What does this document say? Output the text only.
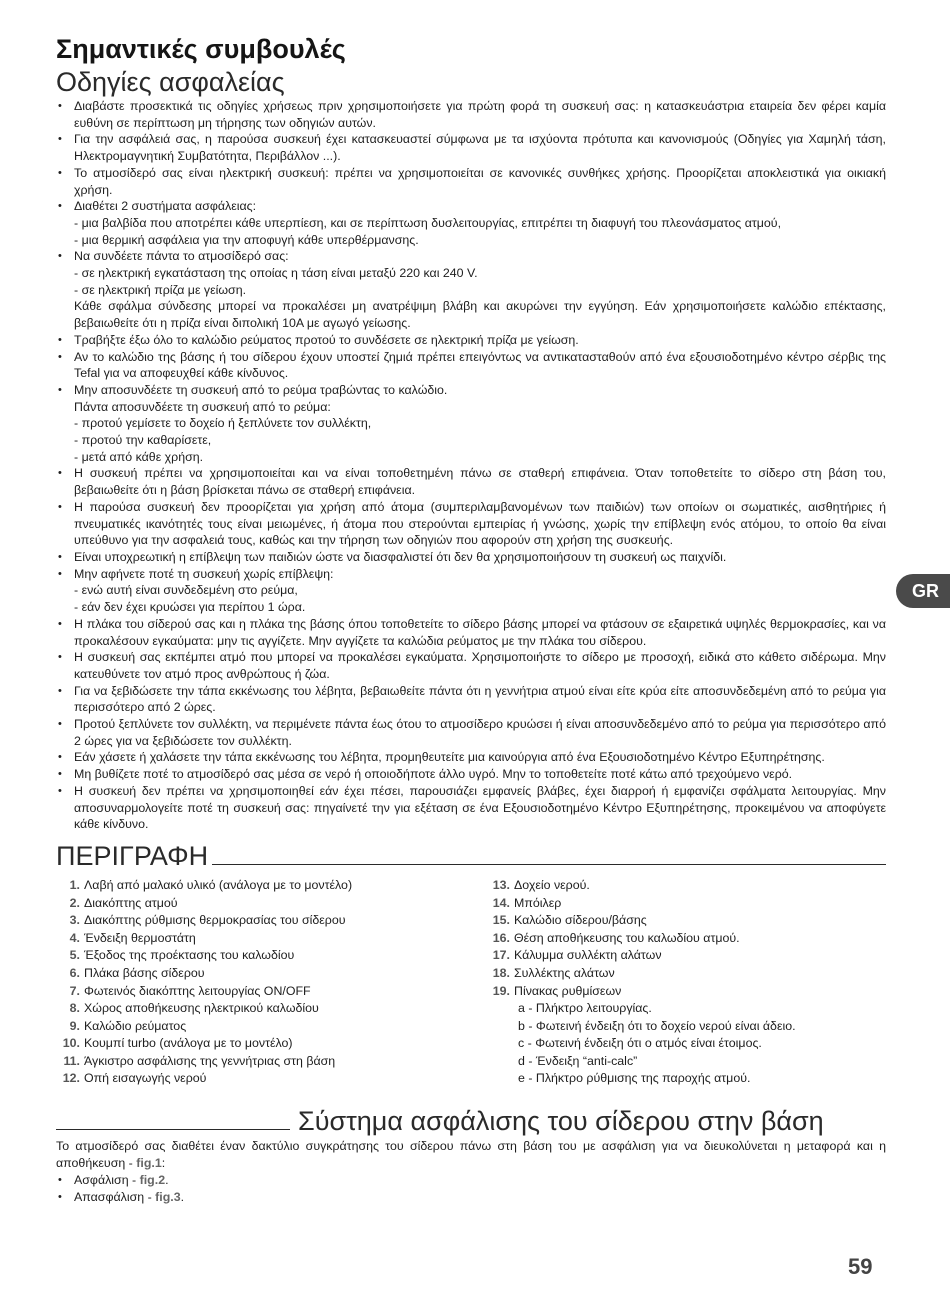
Σημαντικές συμβουλές
Οδηγίες ασφαλείας
• Διαβάστε προσεκτικά τις οδηγίες χρήσεως πριν χρησιμοποιήσετε για πρώτη φορά τη συσκευή σας: η κατασκευάστρια εταιρεία δεν φέρει καμία ευθύνη σε περίπτωση μη τήρησης των οδηγιών αυτών.
• Για την ασφάλειά σας, η παρούσα συσκευή έχει κατασκευαστεί σύμφωνα με τα ισχύοντα πρότυπα και κανονισμούς (Οδηγίες για Χαμηλή τάση, Ηλεκτρομαγνητική Συμβατότητα, Περιβάλλον ...).
• Το ατμοσίδερό σας είναι ηλεκτρική συσκευή: πρέπει να χρησιμοποιείται σε κανονικές συνθήκες χρήσης. Προορίζεται αποκλειστικά για οικιακή χρήση.
• Διαθέτει 2 συστήματα ασφάλειας:
- μια βαλβίδα που αποτρέπει κάθε υπερπίεση, και σε περίπτωση δυσλειτουργίας, επιτρέπει τη διαφυγή του πλεονάσματος ατμού,
- μια θερμική ασφάλεια για την αποφυγή κάθε υπερθέρμανσης.
• Να συνδέετε πάντα το ατμοσίδερό σας:
- σε ηλεκτρική εγκατάσταση της οποίας η τάση είναι μεταξύ 220 και 240 V.
- σε ηλεκτρική πρίζα με γείωση.
Κάθε σφάλμα σύνδεσης μπορεί να προκαλέσει μη ανατρέψιμη βλάβη και ακυρώνει την εγγύηση. Εάν χρησιμοποιήσετε καλώδιο επέκτασης, βεβαιωθείτε ότι η πρίζα είναι διπολική 10A με αγωγό γείωσης.
• Τραβήξτε έξω όλο το καλώδιο ρεύματος προτού το συνδέσετε σε ηλεκτρική πρίζα με γείωση.
• Αν το καλώδιο της βάσης ή του σίδερου έχουν υποστεί ζημιά πρέπει επειγόντως να αντικατασταθούν από ένα εξουσιοδοτημένο κέντρο σέρβις της Tefal για να αποφευχθεί κάθε κίνδυνος.
• Μην αποσυνδέετε τη συσκευή από το ρεύμα τραβώντας το καλώδιο.
Πάντα αποσυνδέετε τη συσκευή από το ρεύμα:
- προτού γεμίσετε το δοχείο ή ξεπλύνετε τον συλλέκτη,
- προτού την καθαρίσετε,
- μετά από κάθε χρήση.
• Η συσκευή πρέπει να χρησιμοποιείται και να είναι τοποθετημένη πάνω σε σταθερή επιφάνεια. Όταν τοποθετείτε το σίδερο στη βάση του, βεβαιωθείτε ότι η βάση βρίσκεται πάνω σε σταθερή επιφάνεια.
• Η παρούσα συσκευή δεν προορίζεται για χρήση από άτομα (συμπεριλαμβανομένων των παιδιών) των οποίων οι σωματικές, αισθητήριες ή πνευματικές ικανότητές τους είναι μειωμένες, ή άτομα που στερούνται εμπειρίας ή γνώσης, χωρίς την επίβλεψη ενός ατόμου, το οποίο θα είναι υπεύθυνο για την ασφαλειά τους, καθώς και την τήρηση των οδηγιών που αφορούν στη χρήση της συσκευής.
• Είναι υποχρεωτική η επίβλεψη των παιδιών ώστε να διασφαλιστεί ότι δεν θα χρησιμοποιήσουν τη συσκευή ως παιχνίδι.
• Μην αφήνετε ποτέ τη συσκευή χωρίς επίβλεψη:
- ενώ αυτή είναι συνδεδεμένη στο ρεύμα,
- εάν δεν έχει κρυώσει για περίπου 1 ώρα.
• Η πλάκα του σίδερού σας και η πλάκα της βάσης όπου τοποθετείτε το σίδερο βάσης μπορεί να φτάσουν σε εξαιρετικά υψηλές θερμοκρασίες, και να προκαλέσουν εγκαύματα: μην τις αγγίζετε. Μην αγγίζετε τα καλώδια ρεύματος με την πλάκα του σίδερου.
• Η συσκευή σας εκπέμπει ατμό που μπορεί να προκαλέσει εγκαύματα. Χρησιμοποιήστε το σίδερο με προσοχή, ειδικά στο κάθετο σιδέρωμα. Μην κατευθύνετε τον ατμό προς ανθρώπους ή ζώα.
• Για να ξεβιδώσετε την τάπα εκκένωσης του λέβητα, βεβαιωθείτε πάντα ότι η γεννήτρια ατμού είναι είτε κρύα είτε αποσυνδεδεμένη από το ρεύμα για περισσότερο από 2 ώρες.
• Προτού ξεπλύνετε τον συλλέκτη, να περιμένετε πάντα έως ότου το ατμοσίδερο κρυώσει ή είναι αποσυνδεδεμένο από το ρεύμα για περισσότερο από 2 ώρες για να ξεβιδώσετε τον συλλέκτη.
• Εάν χάσετε ή χαλάσετε την τάπα εκκένωσης του λέβητα, προμηθευτείτε μια καινούργια από ένα Εξουσιοδοτημένο Κέντρο Εξυπηρέτησης.
• Μη βυθίζετε ποτέ το ατμοσίδερό σας μέσα σε νερό ή οποιοδήποτε άλλο υγρό. Μην το τοποθετείτε ποτέ κάτω από τρεχούμενο νερό.
• Η συσκευή δεν πρέπει να χρησιμοποιηθεί εάν έχει πέσει, παρουσιάζει εμφανείς βλάβες, έχει διαρροή ή εμφανίζει σφάλματα λειτουργίας. Μην αποσυναρμολογείτε ποτέ τη συσκευή σας: πηγαίνετέ την για εξέταση σε ένα Εξουσιοδοτημένο Κέντρο Εξυπηρέτησης, προκειμένου να αποφύγετε κάθε κίνδυνο.
ΠΕΡΙΓΡΑΦΗ
1. Λαβή από μαλακό υλικό (ανάλογα με το μοντέλο)
2. Διακόπτης ατμού
3. Διακόπτης ρύθμισης θερμοκρασίας του σίδερου
4. Ένδειξη θερμοστάτη
5. Έξοδος της προέκτασης του καλωδίου
6. Πλάκα βάσης σίδερου
7. Φωτεινός διακόπτης λειτουργίας ON/OFF
8. Χώρος αποθήκευσης ηλεκτρικού καλωδίου
9. Καλώδιο ρεύματος
10. Κουμπί turbo (ανάλογα με το μοντέλο)
11. Άγκιστρο ασφάλισης της γεννήτριας στη βάση
12. Οπή εισαγωγής νερού
13. Δοχείο νερού.
14. Μπόιλερ
15. Καλώδιο σίδερου/βάσης
16. Θέση αποθήκευσης του καλωδίου ατμού.
17. Κάλυμμα συλλέκτη αλάτων
18. Συλλέκτης αλάτων
19. Πίνακας ρυθμίσεων
a - Πλήκτρο λειτουργίας.
b - Φωτεινή ένδειξη ότι το δοχείο νερού είναι άδειο.
c - Φωτεινή ένδειξη ότι ο ατμός είναι έτοιμος.
d - Ένδειξη “anti-calc”
e - Πλήκτρο ρύθμισης της παροχής ατμού.
Σύστημα ασφάλισης του σίδερου στην βάση
Το ατμοσίδερό σας διαθέτει έναν δακτύλιο συγκράτησης του σίδερου πάνω στη βάση του με ασφάλιση για να διευκολύνεται η μεταφορά και η αποθήκευση - fig.1:
• Ασφάλιση - fig.2.
• Απασφάλιση - fig.3.
GR
59
